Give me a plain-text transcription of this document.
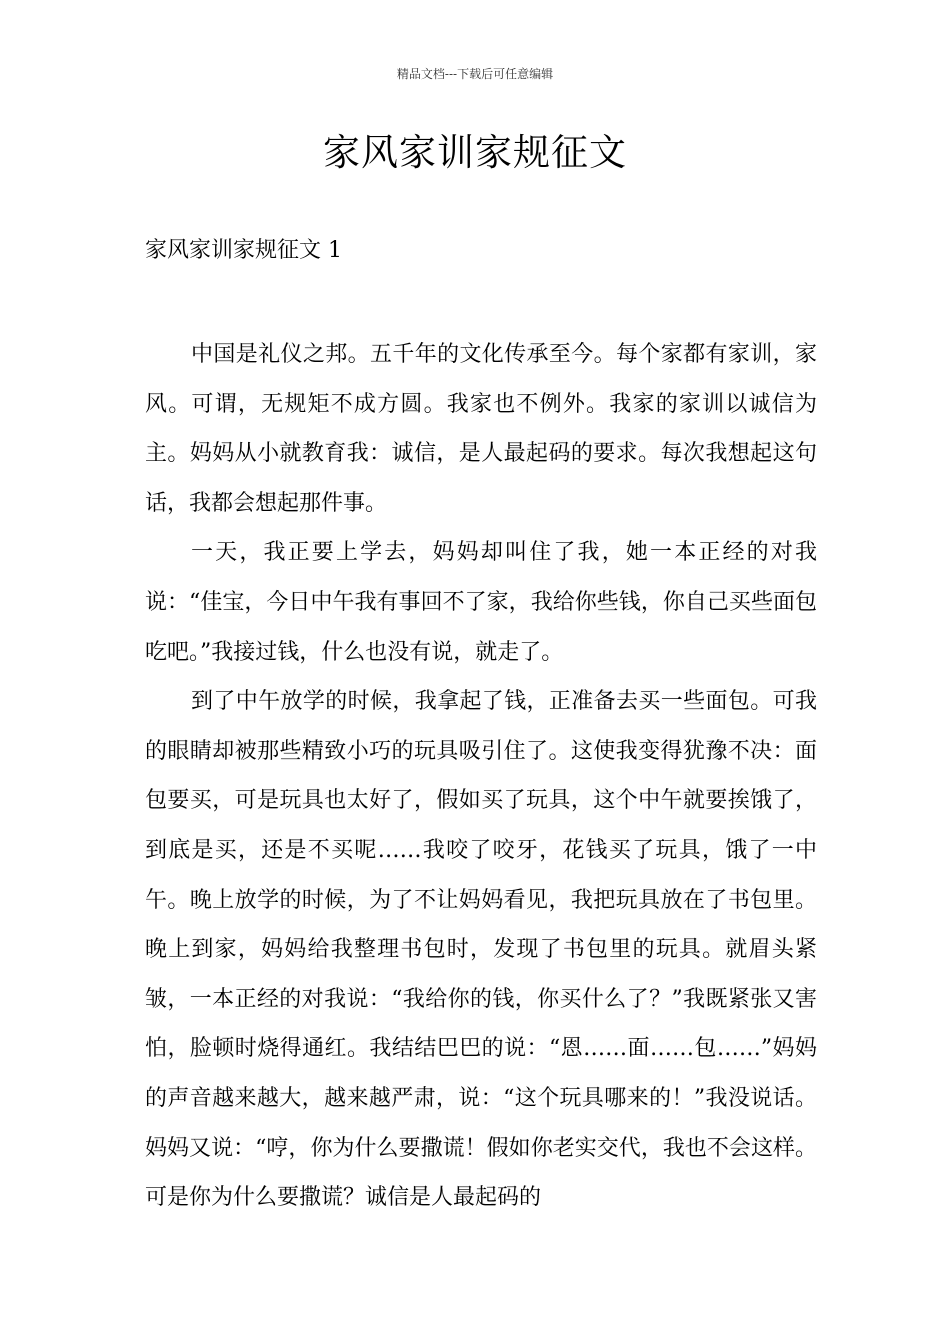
精品文档---下载后可任意编辑
家风家训家规征文
家风家训家规征文 1

中国是礼仪之邦。五千年的文化传承至今。每个家都有家训，家风。可谓，无规矩不成方圆。我家也不例外。我家的家训以诚信为主。妈妈从小就教育我：诚信，是人最起码的要求。每次我想起这句话，我都会想起那件事。

一天，我正要上学去，妈妈却叫住了我，她一本正经的对我说：“佳宝，今日中午我有事回不了家，我给你些钱，你自己买些面包吃吧。”我接过钱，什么也没有说，就走了。

到了中午放学的时候，我拿起了钱，正准备去买一些面包。可我的眼睛却被那些精致小巧的玩具吸引住了。这使我变得犹豫不决：面包要买，可是玩具也太好了，假如买了玩具，这个中午就要挨饿了，到底是买，还是不买呢……我咬了咬牙，花钱买了玩具，饿了一中午。晚上放学的时候，为了不让妈妈看见，我把玩具放在了书包里。晚上到家，妈妈给我整理书包时，发现了书包里的玩具。就眉头紧皱，一本正经的对我说：“我给你的钱，你买什么了？”我既紧张又害怕，脸顿时烧得通红。我结结巴巴的说：“恩……面……包……”妈妈的声音越来越大，越来越严肃，说：“这个玩具哪来的！”我没说话。妈妈又说：“哼，你为什么要撒谎！假如你老实交代，我也不会这样。可是你为什么要撒谎？诚信是人最起码的
